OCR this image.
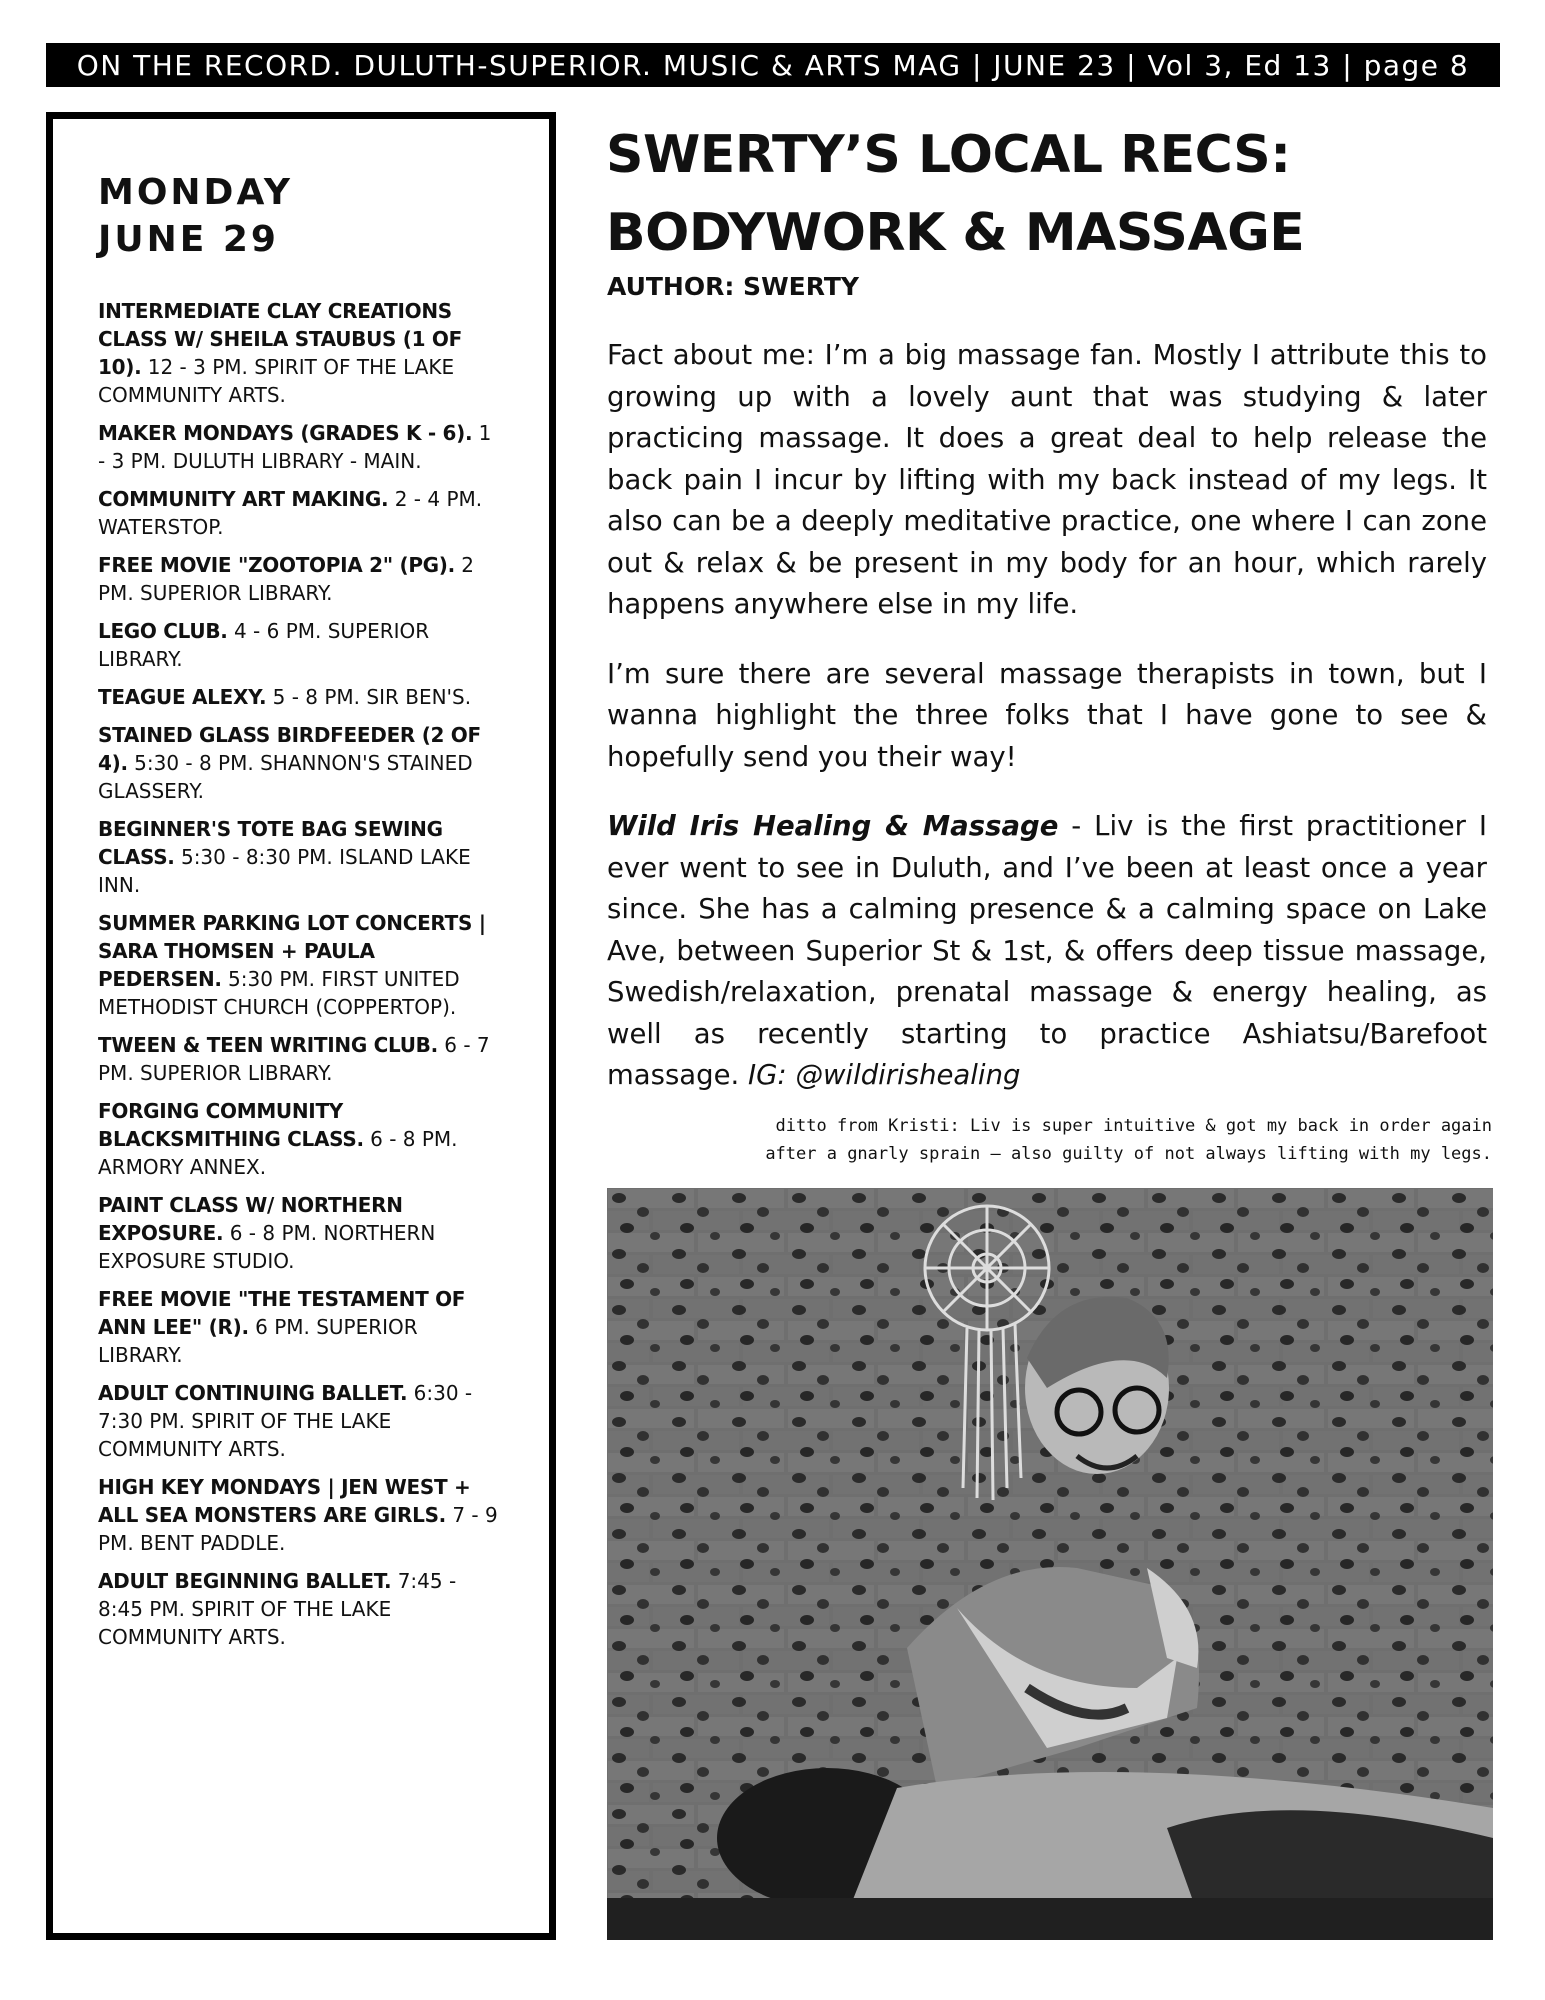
ON THE RECORD. DULUTH-SUPERIOR. MUSIC & ARTS MAG | JUNE 23 | Vol 3, Ed 13 | page 8
MONDAY
JUNE 29
INTERMEDIATE CLAY CREATIONS CLASS W/ SHEILA STAUBUS (1 OF 10). 12 - 3 PM. SPIRIT OF THE LAKE COMMUNITY ARTS.
MAKER MONDAYS (GRADES K - 6). 1 - 3 PM. DULUTH LIBRARY - MAIN.
COMMUNITY ART MAKING. 2 - 4 PM. WATERSTOP.
FREE MOVIE "ZOOTOPIA 2" (PG). 2 PM. SUPERIOR LIBRARY.
LEGO CLUB. 4 - 6 PM. SUPERIOR LIBRARY.
TEAGUE ALEXY. 5 - 8 PM. SIR BEN'S.
STAINED GLASS BIRDFEEDER (2 OF 4). 5:30 - 8 PM. SHANNON'S STAINED GLASSERY.
BEGINNER'S TOTE BAG SEWING CLASS. 5:30 - 8:30 PM. ISLAND LAKE INN.
SUMMER PARKING LOT CONCERTS | SARA THOMSEN + PAULA PEDERSEN. 5:30 PM. FIRST UNITED METHODIST CHURCH (COPPERTOP).
TWEEN & TEEN WRITING CLUB. 6 - 7 PM. SUPERIOR LIBRARY.
FORGING COMMUNITY BLACKSMITHING CLASS. 6 - 8 PM. ARMORY ANNEX.
PAINT CLASS W/ NORTHERN EXPOSURE. 6 - 8 PM. NORTHERN EXPOSURE STUDIO.
FREE MOVIE "THE TESTAMENT OF ANN LEE" (R). 6 PM. SUPERIOR LIBRARY.
ADULT CONTINUING BALLET. 6:30 - 7:30 PM. SPIRIT OF THE LAKE COMMUNITY ARTS.
HIGH KEY MONDAYS | JEN WEST + ALL SEA MONSTERS ARE GIRLS. 7 - 9 PM. BENT PADDLE.
ADULT BEGINNING BALLET. 7:45 - 8:45 PM. SPIRIT OF THE LAKE COMMUNITY ARTS.
SWERTY’S LOCAL RECS:
BODYWORK & MASSAGE
AUTHOR: SWERTY

Fact about me: I’m a big massage fan. Mostly I attribute this to growing up with a lovely aunt that was studying & later practicing massage. It does a great deal to help release the back pain I incur by lifting with my back instead of my legs. It also can be a deeply meditative practice, one where I can zone out & relax & be present in my body for an hour, which rarely happens anywhere else in my life.

I’m sure there are several massage therapists in town, but I wanna highlight the three folks that I have gone to see & hopefully send you their way!

Wild Iris Healing & Massage - Liv is the first practitioner I ever went to see in Duluth, and I’ve been at least once a year since. She has a calming presence & a calming space on Lake Ave, between Superior St & 1st, & offers deep tissue massage, Swedish/relaxation, prenatal massage & energy healing, as well as recently starting to practice Ashiatsu/Barefoot massage. IG: @wildirishealing

ditto from Kristi: Liv is super intuitive & got my back in order again
after a gnarly sprain — also guilty of not always lifting with my legs.
